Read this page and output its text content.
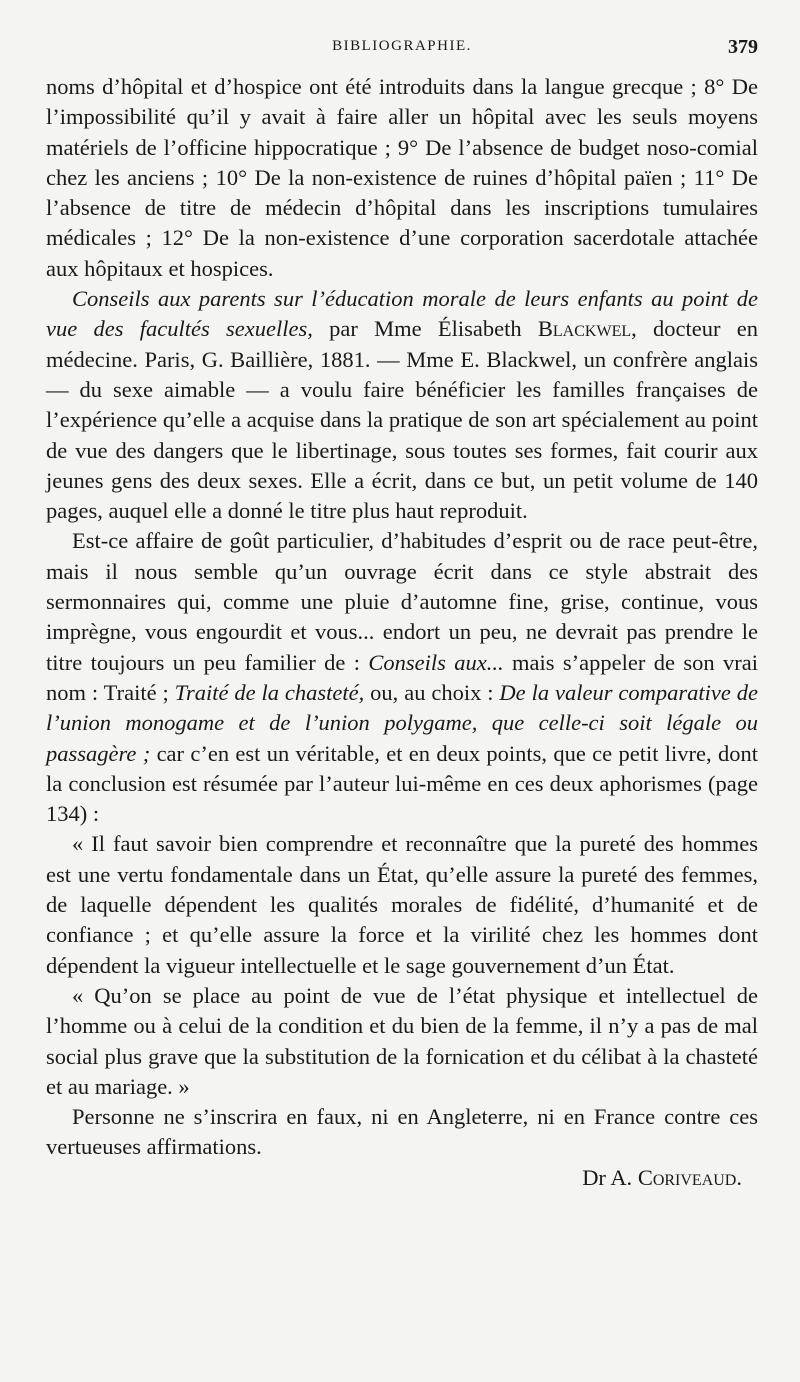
BIBLIOGRAPHIE.	379

noms d’hôpital et d’hospice ont été introduits dans la langue grecque ; 8° De l’impossibilité qu’il y avait à faire aller un hôpital avec les seuls moyens matériels de l’officine hippocratique ; 9° De l’absence de budget noso-comial chez les anciens ; 10° De la non-existence de ruines d’hôpital païen ; 11° De l’absence de titre de médecin d’hôpital dans les inscriptions tumulaires médicales ; 12° De la non-existence d’une corporation sacerdotale attachée aux hôpitaux et hospices.

Conseils aux parents sur l’éducation morale de leurs enfants au point de vue des facultés sexuelles, par Mme Élisabeth Blackwel, docteur en médecine. Paris, G. Baillière, 1881. — Mme E. Blackwel, un confrère anglais — du sexe aimable — a voulu faire bénéficier les familles françaises de l’expérience qu’elle a acquise dans la pratique de son art spécialement au point de vue des dangers que le libertinage, sous toutes ses formes, fait courir aux jeunes gens des deux sexes. Elle a écrit, dans ce but, un petit volume de 140 pages, auquel elle a donné le titre plus haut reproduit.

Est-ce affaire de goût particulier, d’habitudes d’esprit ou de race peut-être, mais il nous semble qu’un ouvrage écrit dans ce style abstrait des sermonnaires qui, comme une pluie d’automne fine, grise, continue, vous imprègne, vous engourdit et vous... endort un peu, ne devrait pas prendre le titre toujours un peu familier de : Conseils aux... mais s’appeler de son vrai nom : Traité ; Traité de la chasteté, ou, au choix : De la valeur comparative de l’union monogame et de l’union polygame, que celle-ci soit légale ou passagère ; car c’en est un véritable, et en deux points, que ce petit livre, dont la conclusion est résumée par l’auteur lui-même en ces deux aphorismes (page 134) :

« Il faut savoir bien comprendre et reconnaître que la pureté des hommes est une vertu fondamentale dans un État, qu’elle assure la pureté des femmes, de laquelle dépendent les qualités morales de fidélité, d’humanité et de confiance ; et qu’elle assure la force et la virilité chez les hommes dont dépendent la vigueur intellectuelle et le sage gouvernement d’un État.

« Qu’on se place au point de vue de l’état physique et intellectuel de l’homme ou à celui de la condition et du bien de la femme, il n’y a pas de mal social plus grave que la substitution de la fornication et du célibat à la chasteté et au mariage. »

Personne ne s’inscrira en faux, ni en Angleterre, ni en France contre ces vertueuses affirmations.

Dr A. Coriveaud.
